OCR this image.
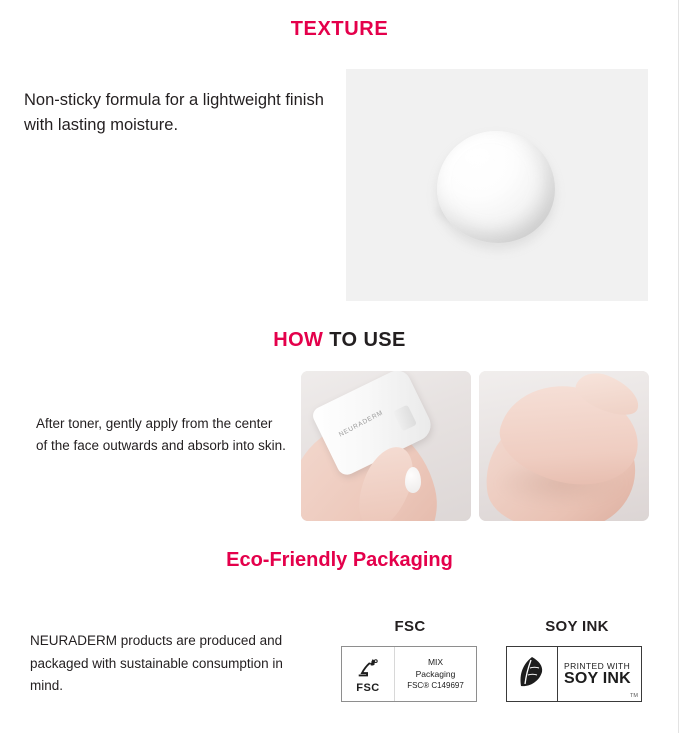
TEXTURE
Non-sticky formula for a lightweight finish with lasting moisture.
HOW TO USE
After toner, gently apply from the center of the face outwards and absorb into skin.
NEURADERM
Eco-Friendly Packaging
NEURADERM products are produced and packaged with sustainable consumption in mind.
FSC	SOY INK
FSC
MIX
Packaging
FSC® C149697
PRINTED WITH
SOY INK
TM
